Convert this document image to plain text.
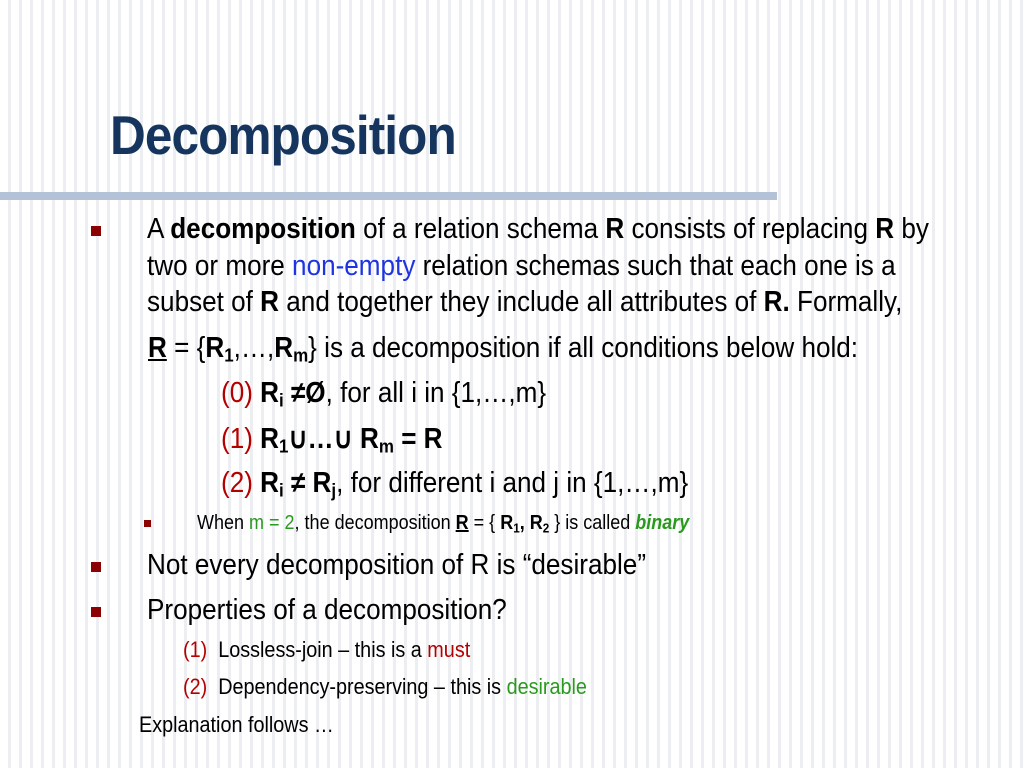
Decomposition
A decomposition of a relation schema R consists of replacing R by
two or more non-empty relation schemas such that each one is a
subset of R and together they include all attributes of R. Formally,
$R = \{R_1,\dots,R_m\}$ is a decomposition if all conditions below hold:
(0) $R_i$ ≠Ø, for all i in {1,…,m}
(1) $R_1\cup\dots\cup$ $R_m = R$
(2) $R_i \ne R_j$, for different i and j in {1,…,m}
When m = 2, the decomposition R = { $R_1$, $R_2$ } is called binary
Not every decomposition of R is “desirable”
Properties of a decomposition?
(1) Lossless-join – this is a must
(2) Dependency-preserving – this is desirable
Explanation follows …
